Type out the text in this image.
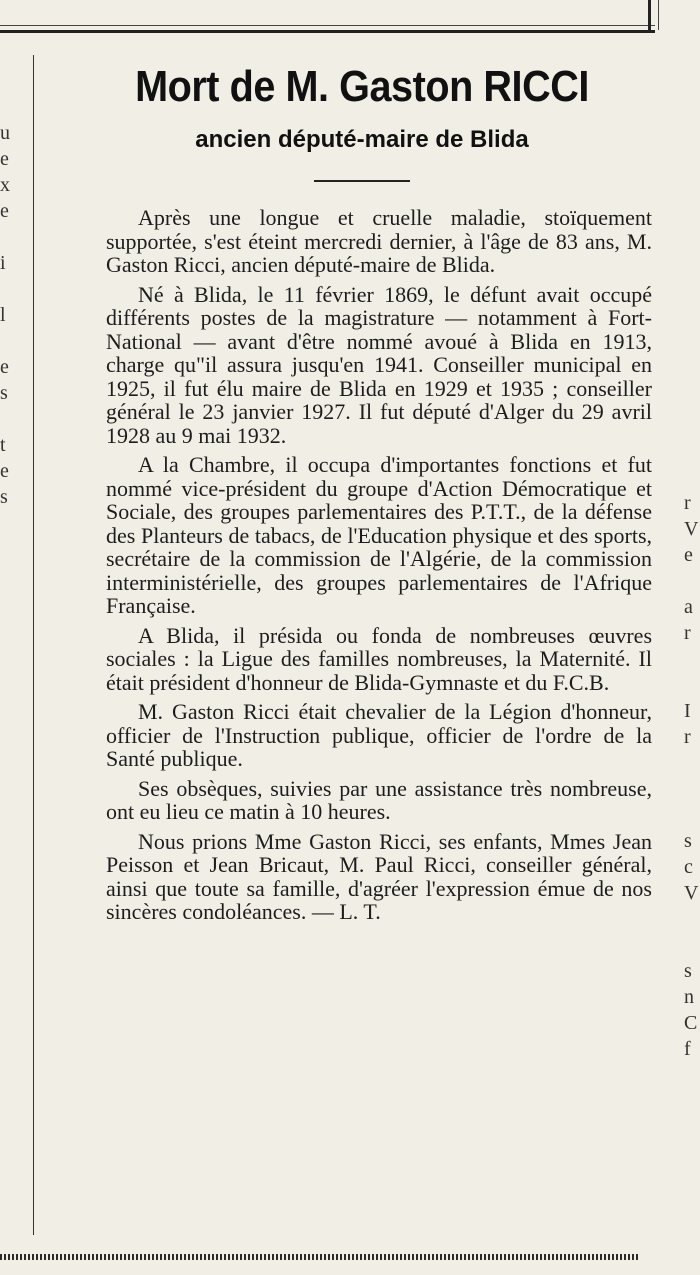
u
e
x
e

i

l

e
s

t
e
s	r
V
e

a
r

I
r

s
c
V

s
n
C
f
Mort de M. Gaston RICCI
ancien député-maire de Blida

Après une longue et cruelle maladie, stoïquement supportée, s'est éteint mercredi dernier, à l'âge de 83 ans, M. Gaston Ricci, ancien député-maire de Blida.

Né à Blida, le 11 février 1869, le défunt avait occupé différents postes de la magistrature — notamment à Fort-National — avant d'être nommé avoué à Blida en 1913, charge qu"il assura jusqu'en 1941. Conseiller municipal en 1925, il fut élu maire de Blida en 1929 et 1935 ; conseiller général le 23 janvier 1927. Il fut député d'Alger du 29 avril 1928 au 9 mai 1932.

A la Chambre, il occupa d'importantes fonctions et fut nommé vice-président du groupe d'Action Démocratique et Sociale, des groupes parlementaires des P.T.T., de la défense des Planteurs de tabacs, de l'Education physique et des sports, secrétaire de la commission de l'Algérie, de la commission interministérielle, des groupes parlementaires de l'Afrique Française.

A Blida, il présida ou fonda de nombreuses œuvres sociales : la Ligue des familles nombreuses, la Maternité. Il était président d'honneur de Blida-Gymnaste et du F.C.B.

M. Gaston Ricci était chevalier de la Légion d'honneur, officier de l'Instruction publique, officier de l'ordre de la Santé publique.

Ses obsèques, suivies par une assistance très nombreuse, ont eu lieu ce matin à 10 heures.

Nous prions Mme Gaston Ricci, ses enfants, Mmes Jean Peisson et Jean Bricaut, M. Paul Ricci, conseiller général, ainsi que toute sa famille, d'agréer l'expression émue de nos sincères condoléances. — L. T.
